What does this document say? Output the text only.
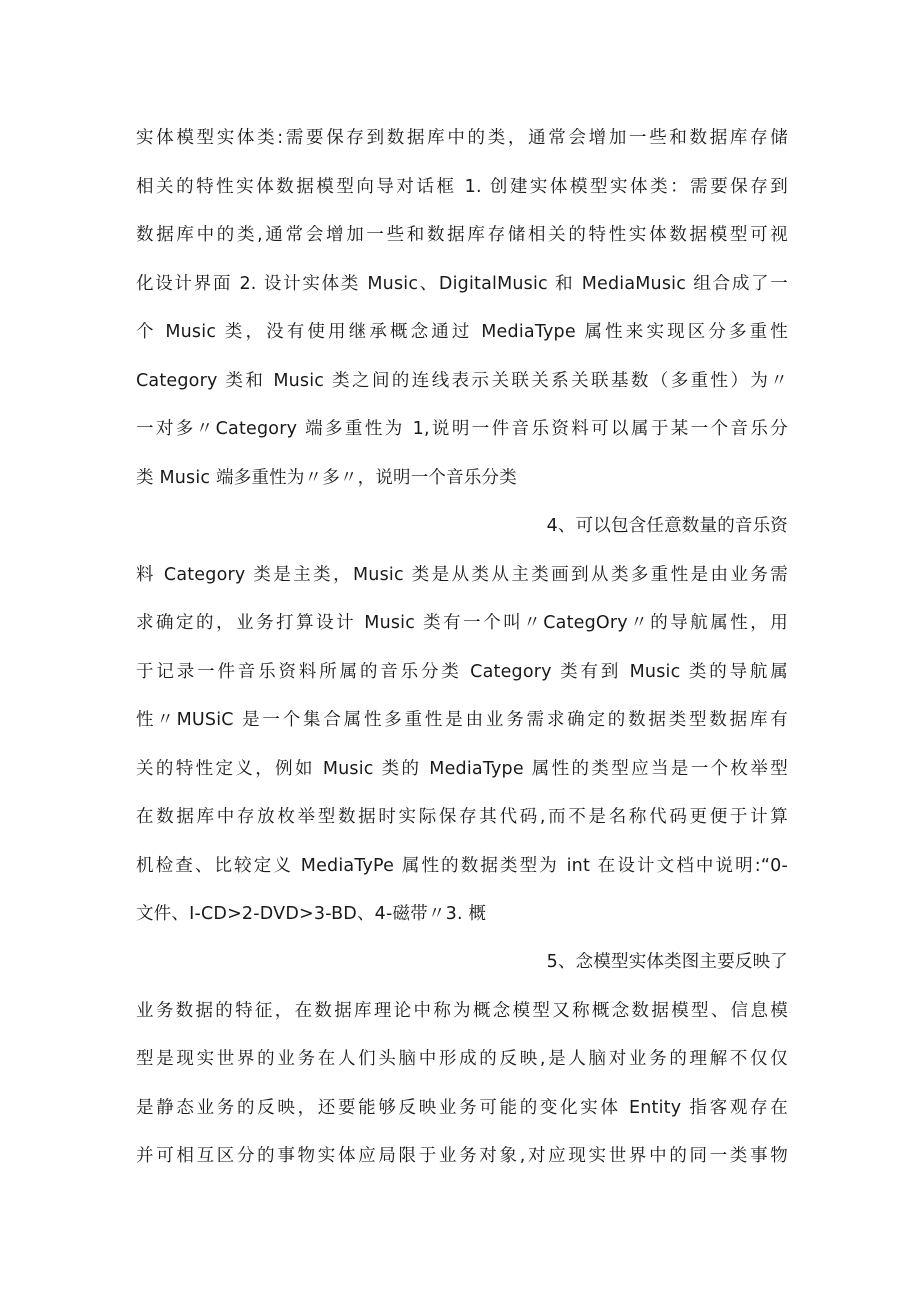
实体模型实体类:需要保存到数据库中的类，通常会增加一些和数据库存储
相关的特性实体数据模型向导对话框 1. 创建实体模型实体类：需要保存到
数据库中的类,通常会增加一些和数据库存储相关的特性实体数据模型可视
化设计界面 2. 设计实体类 Music、DigitalMusic 和 MediaMusic 组合成了一
个 Music 类，没有使用继承概念通过 MediaType 属性来实现区分多重性
Category 类和 Music 类之间的连线表示关联关系关联基数（多重性）为〃
一对多〃Category 端多重性为 1,说明一件音乐资料可以属于某一个音乐分
类 Music 端多重性为〃多〃，说明一个音乐分类
4、可以包含任意数量的音乐资
料 Category 类是主类，Music 类是从类从主类画到从类多重性是由业务需
求确定的，业务打算设计 Music 类有一个叫〃CategOry〃的导航属性，用
于记录一件音乐资料所属的音乐分类 Category 类有到 Music 类的导航属
性〃MUSiC 是一个集合属性多重性是由业务需求确定的数据类型数据库有
关的特性定义，例如 Music 类的 MediaType 属性的类型应当是一个枚举型
在数据库中存放枚举型数据时实际保存其代码,而不是名称代码更便于计算
机检查、比较定义 MediaTyPe 属性的数据类型为 int 在设计文档中说明:“0-
文件、I-CD>2-DVD>3-BD、4-磁带〃3. 概
5、念模型实体类图主要反映了
业务数据的特征，在数据库理论中称为概念模型又称概念数据模型、信息模
型是现实世界的业务在人们头脑中形成的反映,是人脑对业务的理解不仅仅
是静态业务的反映，还要能够反映业务可能的变化实体 Entity 指客观存在
并可相互区分的事物实体应局限于业务对象,对应现实世界中的同一类事物
